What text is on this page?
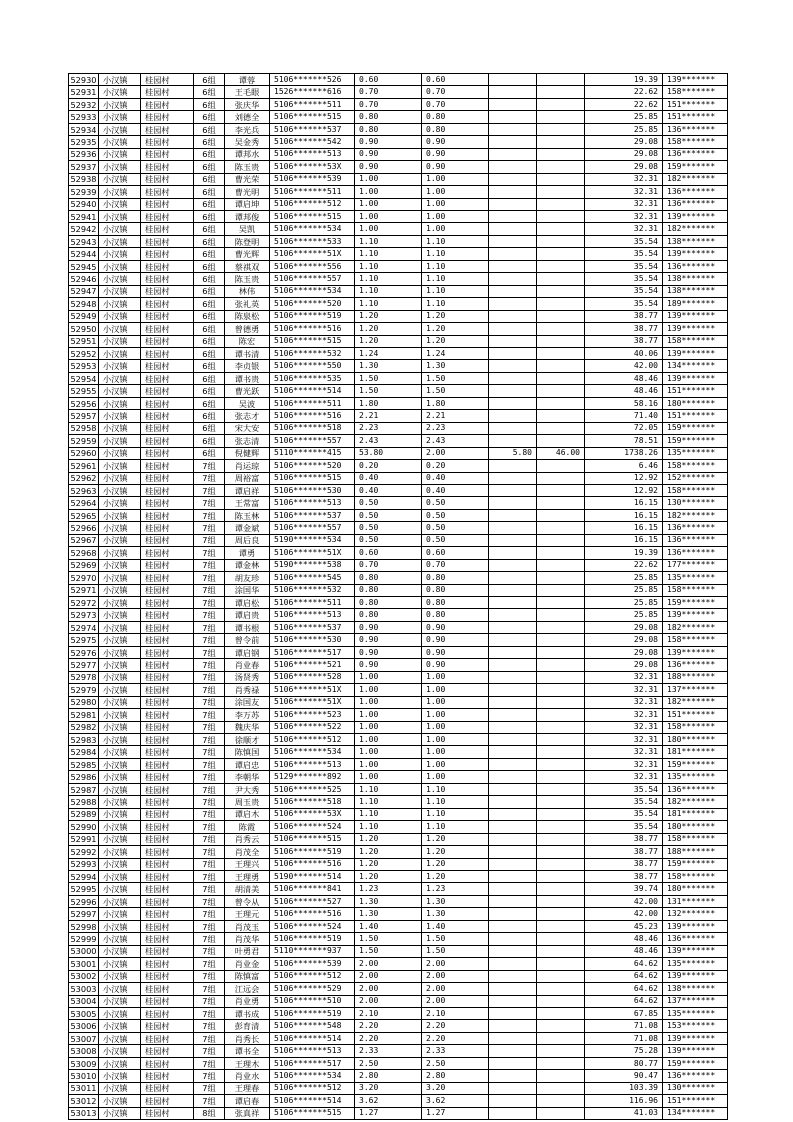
52930	小汉镇	桂园村	6组	谭蓉	5106*******526	0.60	0.60			19.39	139*******
52931	小汉镇	桂园村	6组	王毛眼	1526*******616	0.70	0.70			22.62	158*******
52932	小汉镇	桂园村	6组	张庆华	5106*******511	0.70	0.70			22.62	151*******
52933	小汉镇	桂园村	6组	刘德全	5106*******515	0.80	0.80			25.85	151*******
52934	小汉镇	桂园村	6组	李光兵	5106*******537	0.80	0.80			25.85	136*******
52935	小汉镇	桂园村	6组	吴金秀	5106*******542	0.90	0.90			29.08	158*******
52936	小汉镇	桂园村	6组	谭邦水	5106*******513	0.90	0.90			29.08	136*******
52937	小汉镇	桂园村	6组	陈玉贵	5106*******53X	0.90	0.90			29.08	159*******
52938	小汉镇	桂园村	6组	曹光荣	5106*******539	1.00	1.00			32.31	182*******
52939	小汉镇	桂园村	6组	曹光明	5106*******511	1.00	1.00			32.31	136*******
52940	小汉镇	桂园村	6组	谭启坤	5106*******512	1.00	1.00			32.31	136*******
52941	小汉镇	桂园村	6组	谭邦俊	5106*******515	1.00	1.00			32.31	139*******
52942	小汉镇	桂园村	6组	吴凯	5106*******534	1.00	1.00			32.31	182*******
52943	小汉镇	桂园村	6组	陈登明	5106*******533	1.10	1.10			35.54	138*******
52944	小汉镇	桂园村	6组	曹光辉	5106*******51X	1.10	1.10			35.54	139*******
52945	小汉镇	桂园村	6组	蔡祺双	5106*******556	1.10	1.10			35.54	136*******
52946	小汉镇	桂园村	6组	陈玉贵	5106*******557	1.10	1.10			35.54	138*******
52947	小汉镇	桂园村	6组	林伟	5106*******534	1.10	1.10			35.54	138*******
52948	小汉镇	桂园村	6组	张礼英	5106*******520	1.10	1.10			35.54	189*******
52949	小汉镇	桂园村	6组	陈泉松	5106*******519	1.20	1.20			38.77	139*******
52950	小汉镇	桂园村	6组	曾德勇	5106*******516	1.20	1.20			38.77	139*******
52951	小汉镇	桂园村	6组	陈宏	5106*******515	1.20	1.20			38.77	158*******
52952	小汉镇	桂园村	6组	谭书清	5106*******532	1.24	1.24			40.06	139*******
52953	小汉镇	桂园村	6组	李贞银	5106*******550	1.30	1.30			42.00	134*******
52954	小汉镇	桂园村	6组	谭书贵	5106*******535	1.50	1.50			48.46	139*******
52955	小汉镇	桂园村	6组	曹光跃	5106*******514	1.50	1.50			48.46	151*******
52956	小汉镇	桂园村	6组	吴波	5106*******511	1.80	1.80			58.16	180*******
52957	小汉镇	桂园村	6组	张志才	5106*******516	2.21	2.21			71.40	151*******
52958	小汉镇	桂园村	6组	宋大安	5106*******518	2.23	2.23			72.05	159*******
52959	小汉镇	桂园村	6组	张志清	5106*******557	2.43	2.43			78.51	159*******
52960	小汉镇	桂园村	6组	倪健辉	5110*******415	53.80	2.00	5.80	46.00	1738.26	135*******
52961	小汉镇	桂园村	7组	肖运琼	5106*******520	0.20	0.20			6.46	158*******
52962	小汉镇	桂园村	7组	周裕富	5106*******515	0.40	0.40			12.92	152*******
52963	小汉镇	桂园村	7组	谭启祥	5106*******530	0.40	0.40			12.92	158*******
52964	小汉镇	桂园村	7组	王常富	5106*******513	0.50	0.50			16.15	130*******
52965	小汉镇	桂园村	7组	陈玉林	5106*******537	0.50	0.50			16.15	182*******
52966	小汉镇	桂园村	7组	谭金斌	5106*******557	0.50	0.50			16.15	136*******
52967	小汉镇	桂园村	7组	周后良	5190*******534	0.50	0.50			16.15	136*******
52968	小汉镇	桂园村	7组	谭勇	5106*******51X	0.60	0.60			19.39	136*******
52969	小汉镇	桂园村	7组	谭金林	5190*******538	0.70	0.70			22.62	177*******
52970	小汉镇	桂园村	7组	胡友珍	5106*******545	0.80	0.80			25.85	135*******
52971	小汉镇	桂园村	7组	涂国华	5106*******532	0.80	0.80			25.85	158*******
52972	小汉镇	桂园村	7组	谭启松	5106*******511	0.80	0.80			25.85	159*******
52973	小汉镇	桂园村	7组	谭启贵	5106*******513	0.80	0.80			25.85	139*******
52974	小汉镇	桂园村	7组	谭书根	5106*******537	0.90	0.90			29.08	182*******
52975	小汉镇	桂园村	7组	曾令前	5106*******530	0.90	0.90			29.08	158*******
52976	小汉镇	桂园村	7组	谭启钢	5106*******517	0.90	0.90			29.08	139*******
52977	小汉镇	桂园村	7组	肖业春	5106*******521	0.90	0.90			29.08	136*******
52978	小汉镇	桂园村	7组	汤贤秀	5106*******528	1.00	1.00			32.31	188*******
52979	小汉镇	桂园村	7组	肖秀禄	5106*******51X	1.00	1.00			32.31	137*******
52980	小汉镇	桂园村	7组	涂国友	5106*******51X	1.00	1.00			32.31	182*******
52981	小汉镇	桂园村	7组	李万苏	5106*******523	1.00	1.00			32.31	151*******
52982	小汉镇	桂园村	7组	魏庆华	5106*******522	1.00	1.00			32.31	158*******
52983	小汉镇	桂园村	7组	徐顺才	5106*******512	1.00	1.00			32.31	180*******
52984	小汉镇	桂园村	7组	陈慎国	5106*******534	1.00	1.00			32.31	181*******
52985	小汉镇	桂园村	7组	谭启忠	5106*******513	1.00	1.00			32.31	159*******
52986	小汉镇	桂园村	7组	李朝华	5129*******892	1.00	1.00			32.31	135*******
52987	小汉镇	桂园村	7组	尹大秀	5106*******525	1.10	1.10			35.54	136*******
52988	小汉镇	桂园村	7组	周玉贵	5106*******518	1.10	1.10			35.54	182*******
52989	小汉镇	桂园村	7组	谭启木	5106*******53X	1.10	1.10			35.54	181*******
52990	小汉镇	桂园村	7组	陈霞	5106*******524	1.10	1.10			35.54	180*******
52991	小汉镇	桂园村	7组	肖秀云	5106*******515	1.20	1.20			38.77	158*******
52992	小汉镇	桂园村	7组	肖茂全	5106*******519	1.20	1.20			38.77	188*******
52993	小汉镇	桂园村	7组	王理兴	5106*******516	1.20	1.20			38.77	159*******
52994	小汉镇	桂园村	7组	王理勇	5190*******514	1.20	1.20			38.77	158*******
52995	小汉镇	桂园村	7组	胡清美	5106*******841	1.23	1.23			39.74	180*******
52996	小汉镇	桂园村	7组	曾令从	5106*******527	1.30	1.30			42.00	131*******
52997	小汉镇	桂园村	7组	王理元	5106*******516	1.30	1.30			42.00	132*******
52998	小汉镇	桂园村	7组	肖茂玉	5106*******524	1.40	1.40			45.23	139*******
52999	小汉镇	桂园村	7组	肖茂华	5106*******519	1.50	1.50			48.46	136*******
53000	小汉镇	桂园村	7组	叶勇君	5110*******937	1.50	1.50			48.46	139*******
53001	小汉镇	桂园村	7组	肖业金	5106*******539	2.00	2.00			64.62	135*******
53002	小汉镇	桂园村	7组	陈慎富	5106*******512	2.00	2.00			64.62	139*******
53003	小汉镇	桂园村	7组	江远会	5106*******529	2.00	2.00			64.62	138*******
53004	小汉镇	桂园村	7组	肖业勇	5106*******510	2.00	2.00			64.62	137*******
53005	小汉镇	桂园村	7组	谭书成	5106*******519	2.10	2.10			67.85	135*******
53006	小汉镇	桂园村	7组	彭育清	5106*******548	2.20	2.20			71.08	153*******
53007	小汉镇	桂园村	7组	肖秀长	5106*******514	2.20	2.20			71.08	139*******
53008	小汉镇	桂园村	7组	谭书全	5106*******513	2.33	2.33			75.28	139*******
53009	小汉镇	桂园村	7组	王理木	5106*******517	2.50	2.50			80.77	159*******
53010	小汉镇	桂园村	7组	肖业水	5106*******534	2.80	2.80			90.47	136*******
53011	小汉镇	桂园村	7组	王理春	5106*******512	3.20	3.20			103.39	130*******
53012	小汉镇	桂园村	7组	谭启春	5106*******514	3.62	3.62			116.96	151*******
53013	小汉镇	桂园村	8组	张真祥	5106*******515	1.27	1.27			41.03	134*******
